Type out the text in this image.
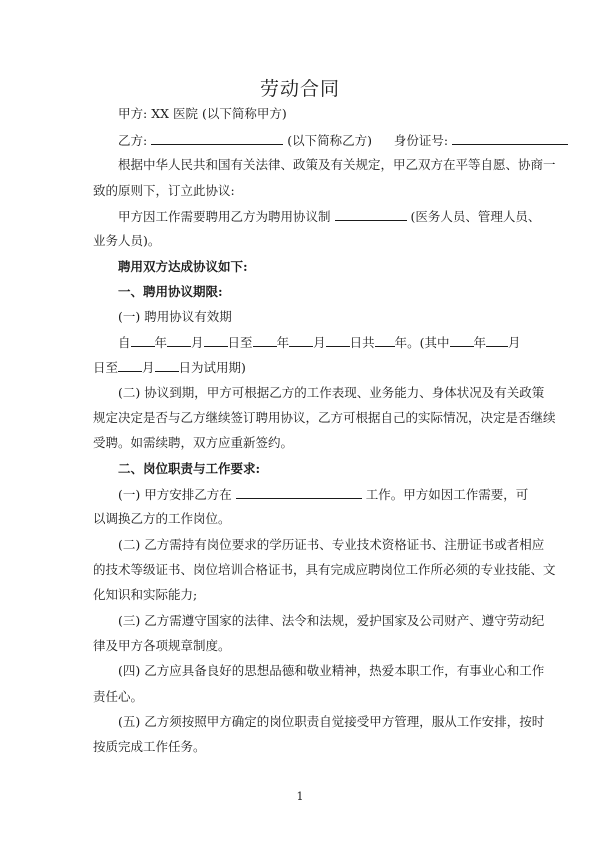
劳动合同
甲方: XX 医院 (以下简称甲方)
乙方:	(以下简称乙方) 身份证号:
根据中华人民共和国有关法律、政策及有关规定，甲乙双方在平等自愿、协商一
致的原则下，订立此协议:
甲方因工作需要聘用乙方为聘用协议制	(医务人员、管理人员、
业务人员)。
聘用双方达成协议如下:
一、聘用协议期限:
(一) 聘用协议有效期
自 年 月 日至 年 月 日共 年。(其中 年 月
日至 月 日为试用期)
(二) 协议到期，甲方可根据乙方的工作表现、业务能力、身体状况及有关政策
规定决定是否与乙方继续签订聘用协议，乙方可根据自己的实际情况，决定是否继续
受聘。如需续聘，双方应重新签约。
二、岗位职责与工作要求:
(一) 甲方安排乙方在	工作。甲方如因工作需要，可
以调换乙方的工作岗位。
(二) 乙方需持有岗位要求的学历证书、专业技术资格证书、注册证书或者相应
的技术等级证书、岗位培训合格证书，具有完成应聘岗位工作所必须的专业技能、文
化知识和实际能力;
(三) 乙方需遵守国家的法律、法令和法规，爱护国家及公司财产、遵守劳动纪
律及甲方各项规章制度。
(四) 乙方应具备良好的思想品德和敬业精神，热爱本职工作，有事业心和工作
责任心。
(五) 乙方须按照甲方确定的岗位职责自觉接受甲方管理，服从工作安排，按时
按质完成工作任务。
1
